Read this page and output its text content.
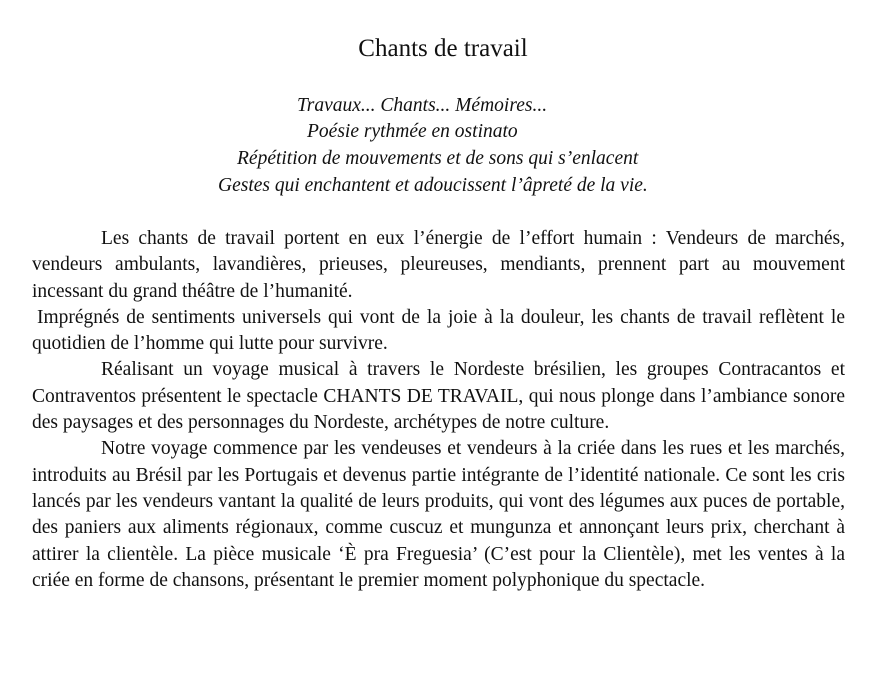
Chants de travail

Travaux... Chants... Mémoires...

Poésie rythmée en ostinato

Répétition de mouvements et de sons qui s’enlacent

Gestes qui enchantent et adoucissent l’âpreté de la vie.

Les chants de travail portent en eux l’énergie de l’effort humain : Vendeurs de marchés, vendeurs ambulants, lavandières, prieuses, pleureuses, mendiants, prennent part au mouvement incessant du grand théâtre de l’humanité.

Imprégnés de sentiments universels qui vont de la joie à la douleur, les chants de travail reflètent le quotidien de l’homme qui lutte pour survivre.

Réalisant un voyage musical à travers le Nordeste brésilien, les groupes Contracantos et Contraventos présentent le spectacle CHANTS DE TRAVAIL, qui nous plonge dans l’ambiance sonore des paysages et des personnages du Nordeste, archétypes de notre culture.

Notre voyage commence par les vendeuses et vendeurs à la criée dans les rues et les marchés, introduits au Brésil par les Portugais et devenus partie intégrante de l’identité nationale. Ce sont les cris lancés par les vendeurs vantant la qualité de leurs produits, qui vont des légumes aux puces de portable, des paniers aux aliments régionaux, comme cuscuz et mungunza et annonçant leurs prix, cherchant à attirer la clientèle. La pièce musicale ‘È pra Freguesia’ (C’est pour la Clientèle), met les ventes à la criée en forme de chansons, présentant le premier moment polyphonique du spectacle.
